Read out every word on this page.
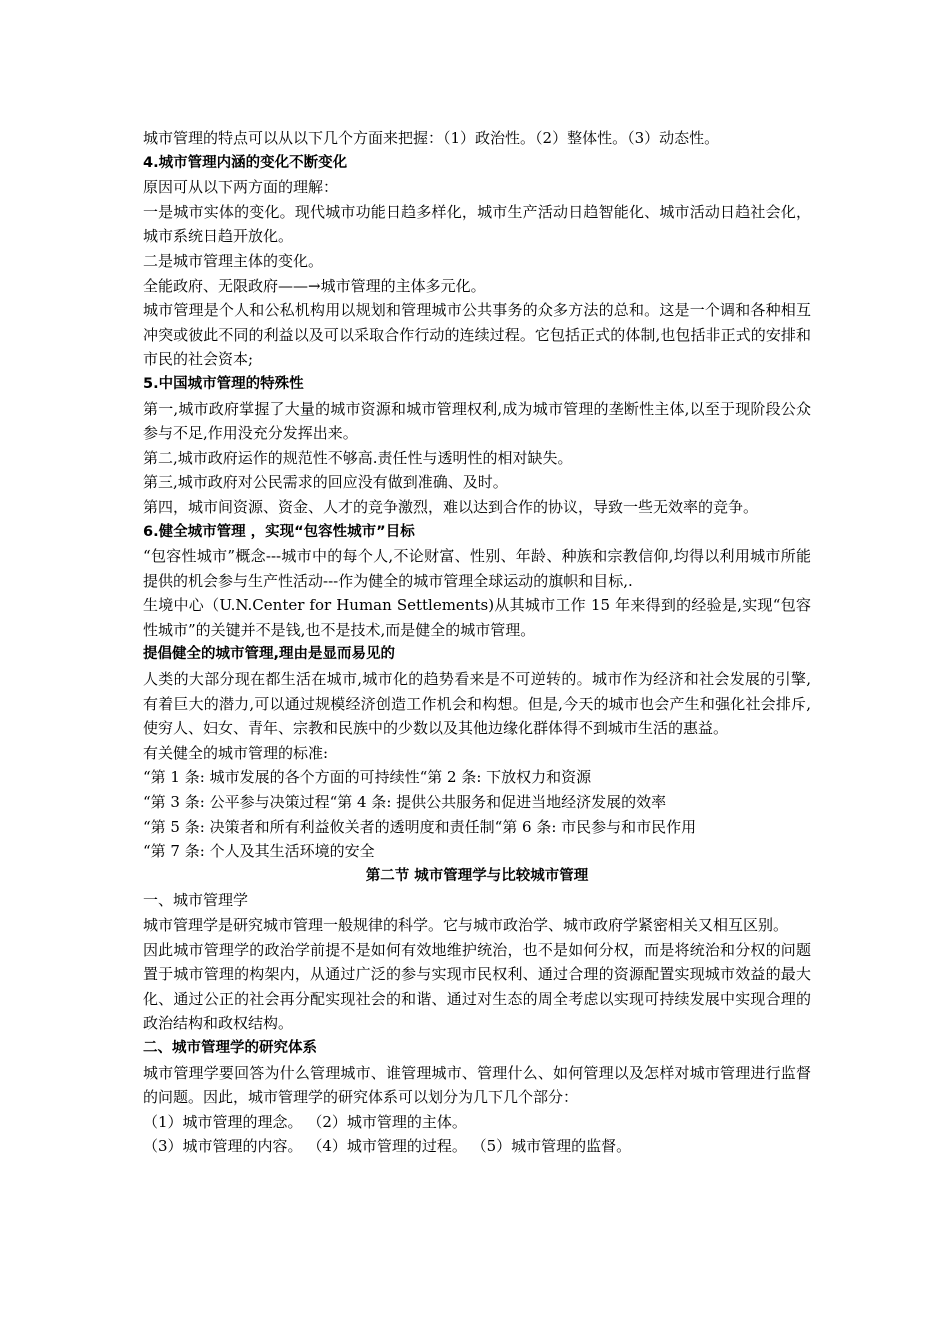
城市管理的特点可以从以下几个方面来把握：（1）政治性。（2）整体性。（3）动态性。

4.城市管理内涵的变化不断变化

原因可从以下两方面的理解：

一是城市实体的变化。现代城市功能日趋多样化，城市生产活动日趋智能化、城市活动日趋社会化，城市系统日趋开放化。

二是城市管理主体的变化。

全能政府、无限政府——→城市管理的主体多元化。

城市管理是个人和公私机构用以规划和管理城市公共事务的众多方法的总和。这是一个调和各种相互冲突或彼此不同的利益以及可以采取合作行动的连续过程。它包括正式的体制,也包括非正式的安排和市民的社会资本;

5.中国城市管理的特殊性

第一,城市政府掌握了大量的城市资源和城市管理权利,成为城市管理的垄断性主体,以至于现阶段公众参与不足,作用没充分发挥出来。

第二,城市政府运作的规范性不够高.责任性与透明性的相对缺失。

第三,城市政府对公民需求的回应没有做到准确、及时。

第四，城市间资源、资金、人才的竞争激烈，难以达到合作的协议，导致一些无效率的竞争。

6.健全城市管理 ，实现“包容性城市”目标

“包容性城市”概念---城市中的每个人,不论财富、性别、年龄、种族和宗教信仰,均得以利用城市所能提供的机会参与生产性活动---作为健全的城市管理全球运动的旗帜和目标,.

生境中心（U.N.Center for Human Settlements)从其城市工作 15 年来得到的经验是,实现“包容性城市”的关键并不是钱,也不是技术,而是健全的城市管理。

提倡健全的城市管理,理由是显而易见的

人类的大部分现在都生活在城市,城市化的趋势看来是不可逆转的。城市作为经济和社会发展的引擎,有着巨大的潜力,可以通过规模经济创造工作机会和构想。但是,今天的城市也会产生和强化社会排斥,使穷人、妇女、青年、宗教和民族中的少数以及其他边缘化群体得不到城市生活的惠益。

有关健全的城市管理的标准:

“第 1 条: 城市发展的各个方面的可持续性“第 2 条: 下放权力和资源

“第 3 条: 公平参与决策过程“第 4 条: 提供公共服务和促进当地经济发展的效率

“第 5 条: 决策者和所有利益攸关者的透明度和责任制“第 6 条: 市民参与和市民作用

“第 7 条: 个人及其生活环境的安全

第二节 城市管理学与比较城市管理

一、城市管理学

城市管理学是研究城市管理一般规律的科学。它与城市政治学、城市政府学紧密相关又相互区别。

因此城市管理学的政治学前提不是如何有效地维护统治，也不是如何分权，而是将统治和分权的问题置于城市管理的构架内，从通过广泛的参与实现市民权利、通过合理的资源配置实现城市效益的最大化、通过公正的社会再分配实现社会的和谐、通过对生态的周全考虑以实现可持续发展中实现合理的政治结构和政权结构。

二、城市管理学的研究体系

城市管理学要回答为什么管理城市、谁管理城市、管理什么、如何管理以及怎样对城市管理进行监督的问题。因此，城市管理学的研究体系可以划分为几下几个部分：

（1）城市管理的理念。 （2）城市管理的主体。

（3）城市管理的内容。 （4）城市管理的过程。 （5）城市管理的监督。
